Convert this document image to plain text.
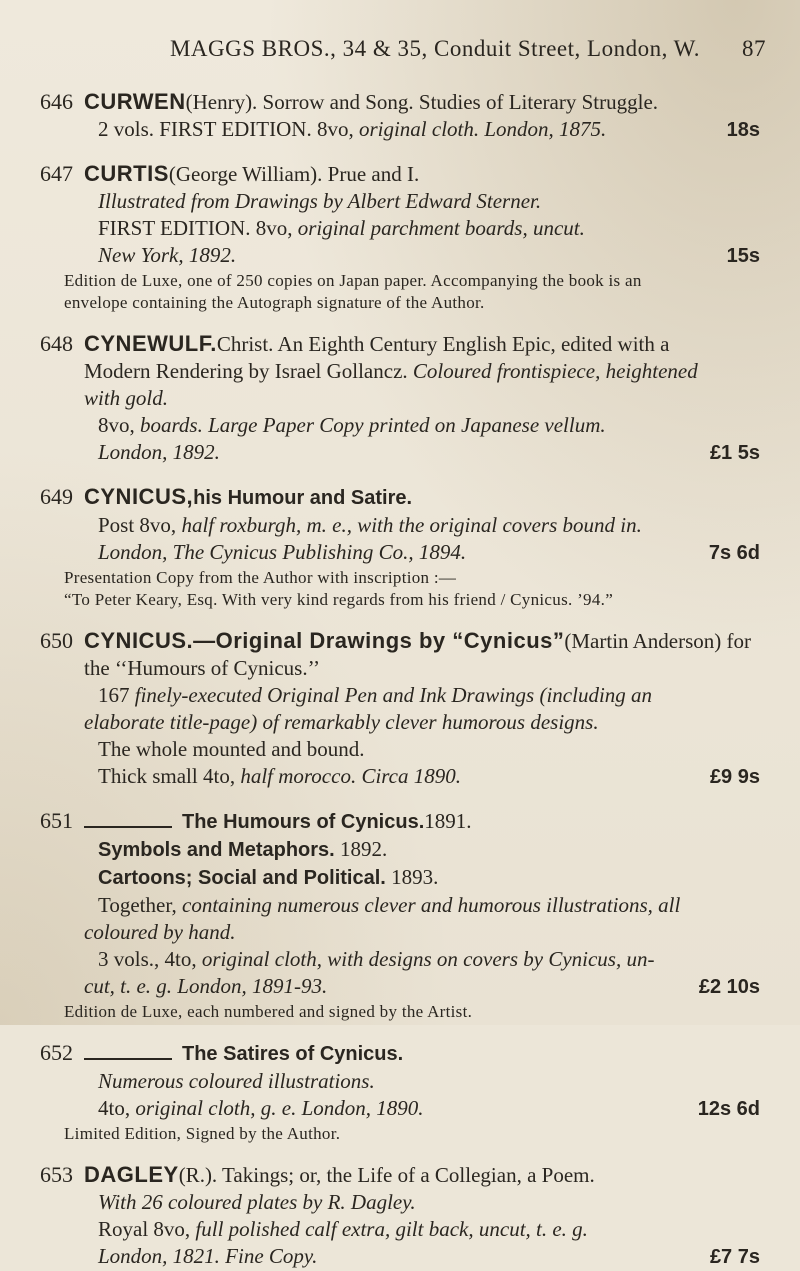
MAGGS BROS., 34 & 35, Conduit Street, London, W. 87
646 CURWEN (Henry). Sorrow and Song. Studies of Literary Struggle.
2 vols. FIRST EDITION. 8vo, original cloth. London, 1875.	18s
647 CURTIS (George William). Prue and I.
Illustrated from Drawings by Albert Edward Sterner.
FIRST EDITION. 8vo, original parchment boards, uncut.
New York, 1892.	15s
Edition de Luxe, one of 250 copies on Japan paper. Accompanying the book is an
envelope containing the Autograph signature of the Author.
648 CYNEWULF. Christ. An Eighth Century English Epic, edited with a
Modern Rendering by Israel Gollancz. Coloured frontispiece, heightened
with gold.
8vo, boards. Large Paper Copy printed on Japanese vellum.
London, 1892.	£1 5s
649 CYNICUS, his Humour and Satire.
Post 8vo, half roxburgh, m. e., with the original covers bound in.
London, The Cynicus Publishing Co., 1894.	7s 6d
Presentation Copy from the Author with inscription :—
“To Peter Keary, Esq. With very kind regards from his friend / Cynicus. ’94.”
650 CYNICUS.—Original Drawings by “Cynicus” (Martin Anderson) for
the ‘‘Humours of Cynicus.’’
167 finely-executed Original Pen and Ink Drawings (including an
elaborate title-page) of remarkably clever humorous designs.
The whole mounted and bound.
Thick small 4to, half morocco. Circa 1890.	£9 9s
651	The Humours of Cynicus. 1891.
Symbols and Metaphors. 1892.
Cartoons; Social and Political. 1893.
Together, containing numerous clever and humorous illustrations, all
coloured by hand.
3 vols., 4to, original cloth, with designs on covers by Cynicus, un-
cut, t. e. g. London, 1891-93.	£2 10s
Edition de Luxe, each numbered and signed by the Artist.
652	The Satires of Cynicus.
Numerous coloured illustrations.
4to, original cloth, g. e. London, 1890.	12s 6d
Limited Edition, Signed by the Author.
653 DAGLEY (R.). Takings; or, the Life of a Collegian, a Poem.
With 26 coloured plates by R. Dagley.
Royal 8vo, full polished calf extra, gilt back, uncut, t. e. g.
London, 1821. Fine Copy.	£7 7s
